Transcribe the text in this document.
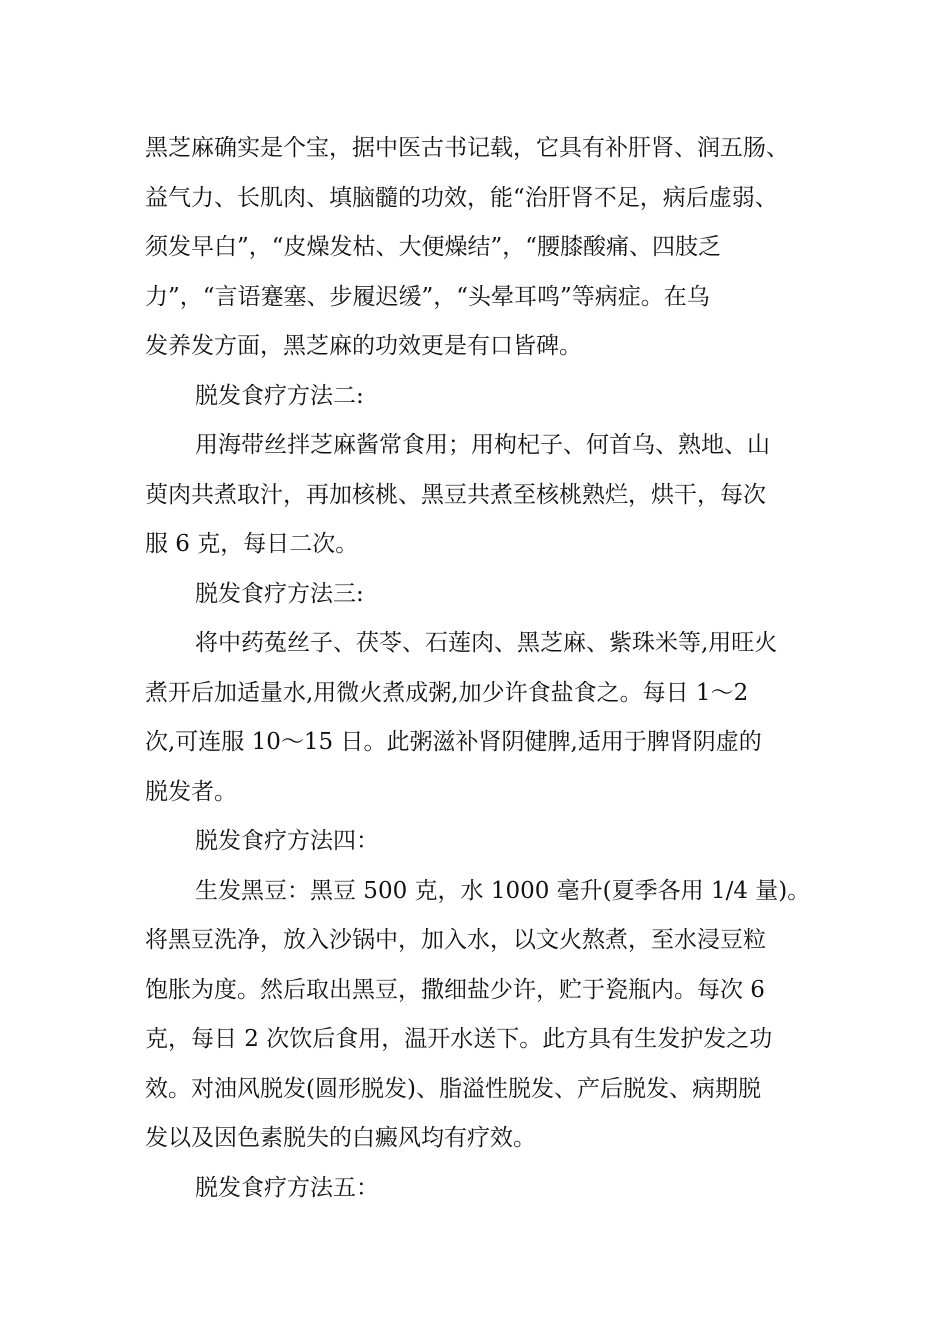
黑芝麻确实是个宝，据中医古书记载，它具有补肝肾、润五肠、
益气力、长肌肉、填脑髓的功效，能“治肝肾不足，病后虚弱、
须发早白”，“皮燥发枯、大便燥结”，“腰膝酸痛、四肢乏
力”，“言语蹇塞、步履迟缓”，“头晕耳鸣”等病症。在乌
发养发方面，黑芝麻的功效更是有口皆碑。
脱发食疗方法二:
用海带丝拌芝麻酱常食用；用枸杞子、何首乌、熟地、山
萸肉共煮取汁，再加核桃、黑豆共煮至核桃熟烂，烘干，每次
服 6 克，每日二次。
脱发食疗方法三:
将中药菟丝子、茯苓、石莲肉、黑芝麻、紫珠米等,用旺火
煮开后加适量水,用微火煮成粥,加少许食盐食之。每日 1～2
次,可连服 10～15 日。此粥滋补肾阴健脾,适用于脾肾阴虚的
脱发者。
脱发食疗方法四：
生发黑豆：黑豆 500 克，水 1000 毫升(夏季各用 1/4 量)。
将黑豆洗净，放入沙锅中，加入水，以文火熬煮，至水浸豆粒
饱胀为度。然后取出黑豆，撒细盐少许，贮于瓷瓶内。每次 6
克，每日 2 次饮后食用，温开水送下。此方具有生发护发之功
效。对油风脱发(圆形脱发)、脂溢性脱发、产后脱发、病期脱
发以及因色素脱失的白癜风均有疗效。
脱发食疗方法五：
